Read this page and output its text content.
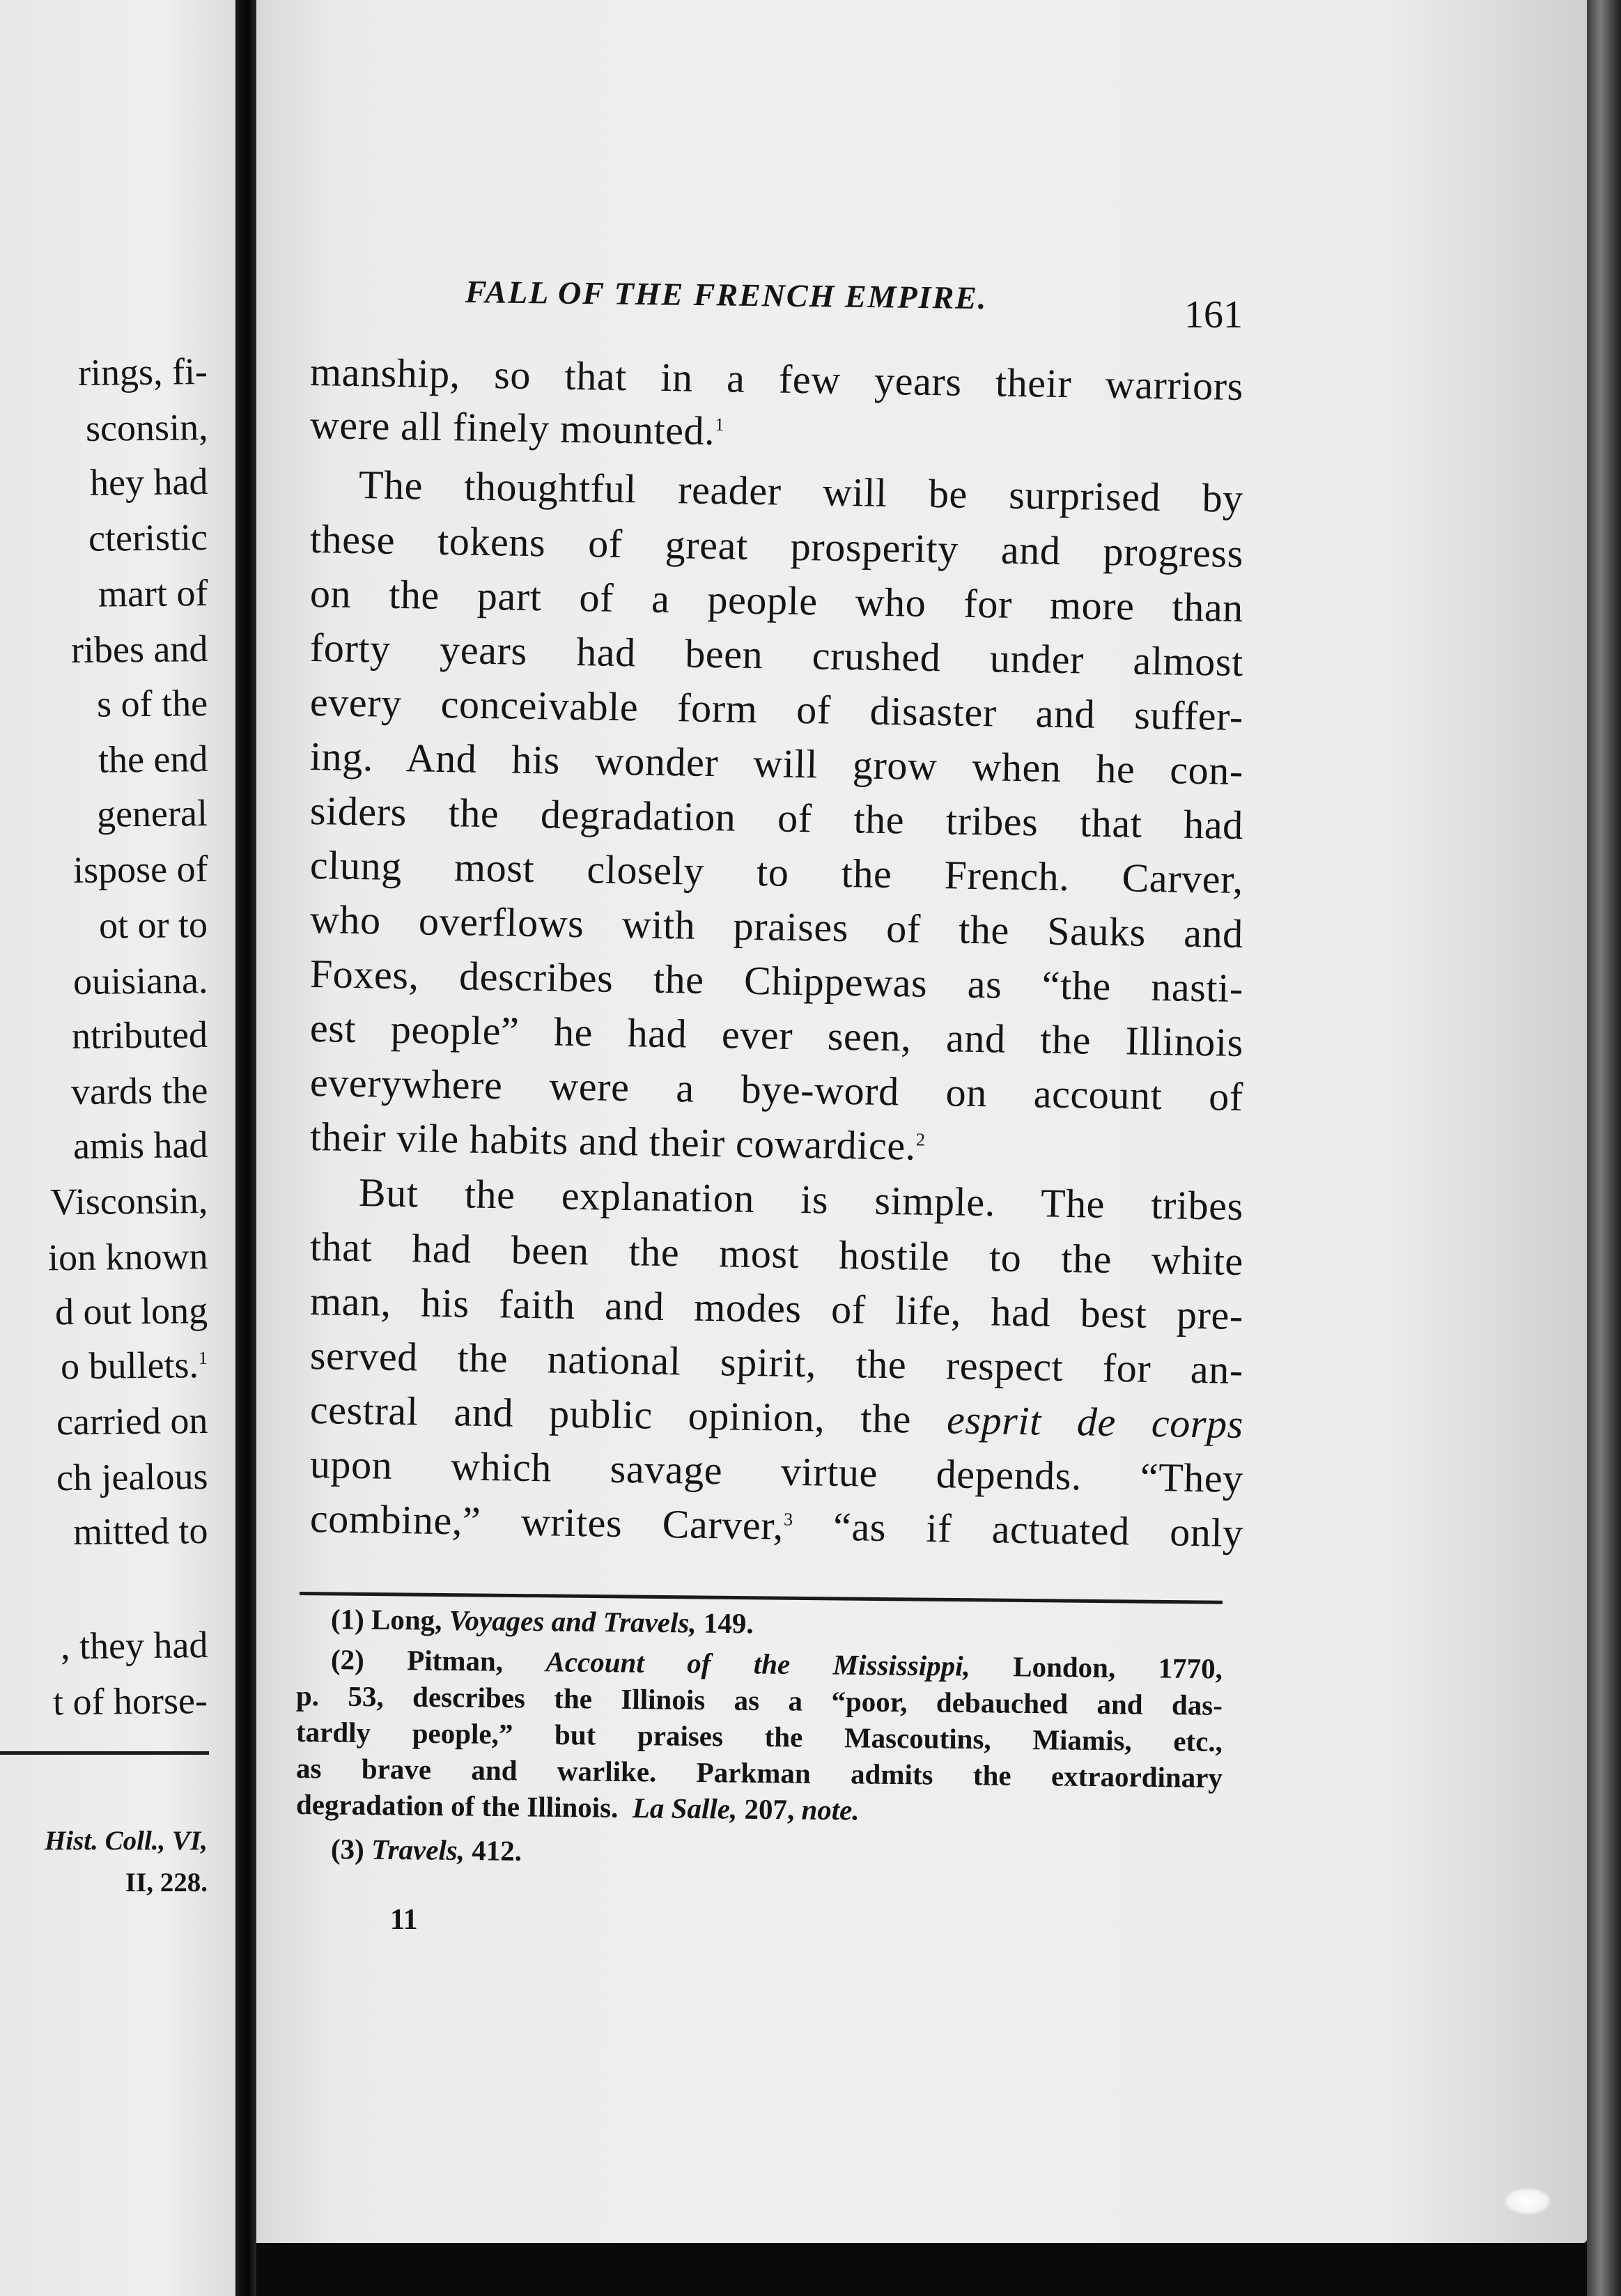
rings, fi-
sconsin,
hey had
cteristic
mart of
ribes and
s of the
the end
general
ispose of
ot or to
ouisiana.
ntributed
vards the
amis had
Visconsin,
ion known
d out long
o bullets.$^1$
carried on
ch jealous
mitted to
, they had
t of horse-
Hist. Coll., VI,
II, 228.
FALL OF THE FRENCH EMPIRE.	161
manship, so that in a few years their warriors
were all finely mounted.$^1$
The thoughtful reader will be surprised by
these tokens of great prosperity and progress
on the part of a people who for more than
forty years had been crushed under almost
every conceivable form of disaster and suffer-
ing. And his wonder will grow when he con-
siders the degradation of the tribes that had
clung most closely to the French. Carver,
who overflows with praises of the Sauks and
Foxes, describes the Chippewas as “the nasti-
est people” he had ever seen, and the Illinois
everywhere were a bye-word on account of
their vile habits and their cowardice.$^2$
But the explanation is simple. The tribes
that had been the most hostile to the white
man, his faith and modes of life, had best pre-
served the national spirit, the respect for an-
cestral and public opinion, the esprit de corps
upon which savage virtue depends. “They
combine,” writes Carver,$^3$ “as if actuated only
(1) Long, Voyages and Travels, 149.
(2) Pitman, Account of the Mississippi, London, 1770,
p. 53, describes the Illinois as a “poor, debauched and das-
tardly people,” but praises the Mascoutins, Miamis, etc.,
as brave and warlike. Parkman admits the extraordinary
degradation of the Illinois. La Salle, 207, note.
(3) Travels, 412.
11
